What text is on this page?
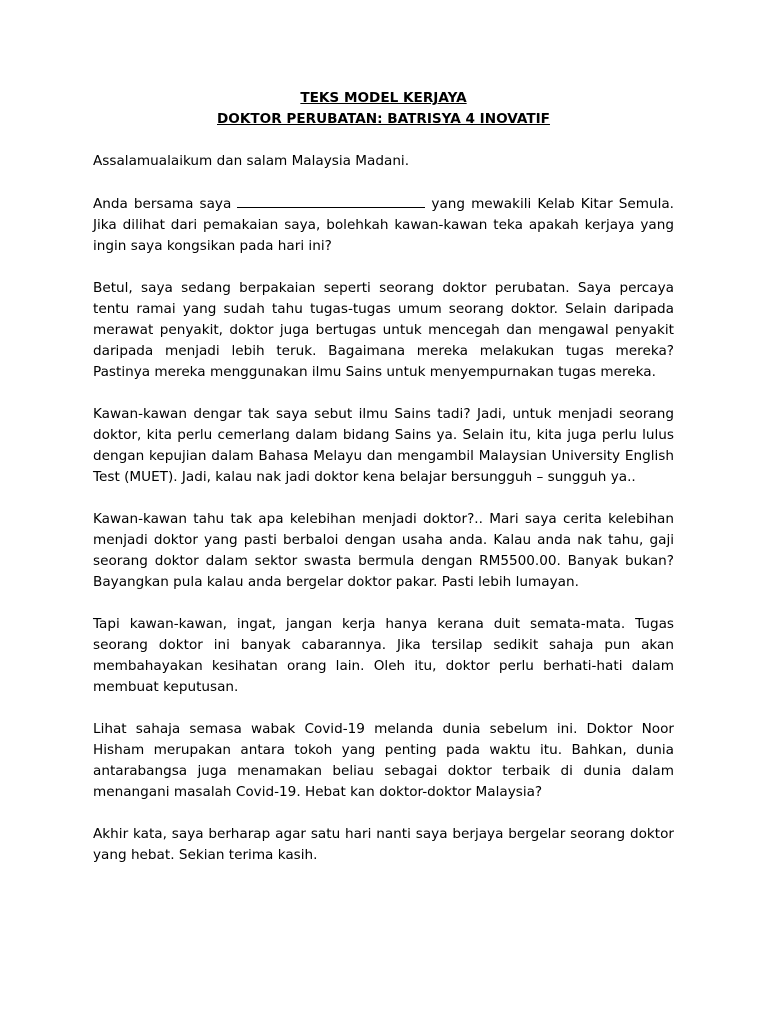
TEKS MODEL KERJAYA
DOKTOR PERUBATAN: BATRISYA 4 INOVATIF

Assalamualaikum dan salam Malaysia Madani.

Anda bersama saya	yang mewakili Kelab Kitar Semula. Jika dilihat dari pemakaian saya, bolehkah kawan-kawan teka apakah kerjaya yang ingin saya kongsikan pada hari ini?

Betul, saya sedang berpakaian seperti seorang doktor perubatan. Saya percaya tentu ramai yang sudah tahu tugas-tugas umum seorang doktor. Selain daripada merawat penyakit, doktor juga bertugas untuk mencegah dan mengawal penyakit daripada menjadi lebih teruk. Bagaimana mereka melakukan tugas mereka? Pastinya mereka menggunakan ilmu Sains untuk menyempurnakan tugas mereka.

Kawan-kawan dengar tak saya sebut ilmu Sains tadi? Jadi, untuk menjadi seorang doktor, kita perlu cemerlang dalam bidang Sains ya. Selain itu, kita juga perlu lulus dengan kepujian dalam Bahasa Melayu dan mengambil Malaysian University English Test (MUET). Jadi, kalau nak jadi doktor kena belajar bersungguh – sungguh ya..

Kawan-kawan tahu tak apa kelebihan menjadi doktor?.. Mari saya cerita kelebihan menjadi doktor yang pasti berbaloi dengan usaha anda. Kalau anda nak tahu, gaji seorang doktor dalam sektor swasta bermula dengan RM5500.00. Banyak bukan? Bayangkan pula kalau anda bergelar doktor pakar. Pasti lebih lumayan.

Tapi kawan-kawan, ingat, jangan kerja hanya kerana duit semata-mata. Tugas seorang doktor ini banyak cabarannya. Jika tersilap sedikit sahaja pun akan membahayakan kesihatan orang lain. Oleh itu, doktor perlu berhati-hati dalam membuat keputusan.

Lihat sahaja semasa wabak Covid-19 melanda dunia sebelum ini. Doktor Noor Hisham merupakan antara tokoh yang penting pada waktu itu. Bahkan, dunia antarabangsa juga menamakan beliau sebagai doktor terbaik di dunia dalam menangani masalah Covid-19. Hebat kan doktor-doktor Malaysia?

Akhir kata, saya berharap agar satu hari nanti saya berjaya bergelar seorang doktor yang hebat. Sekian terima kasih.
